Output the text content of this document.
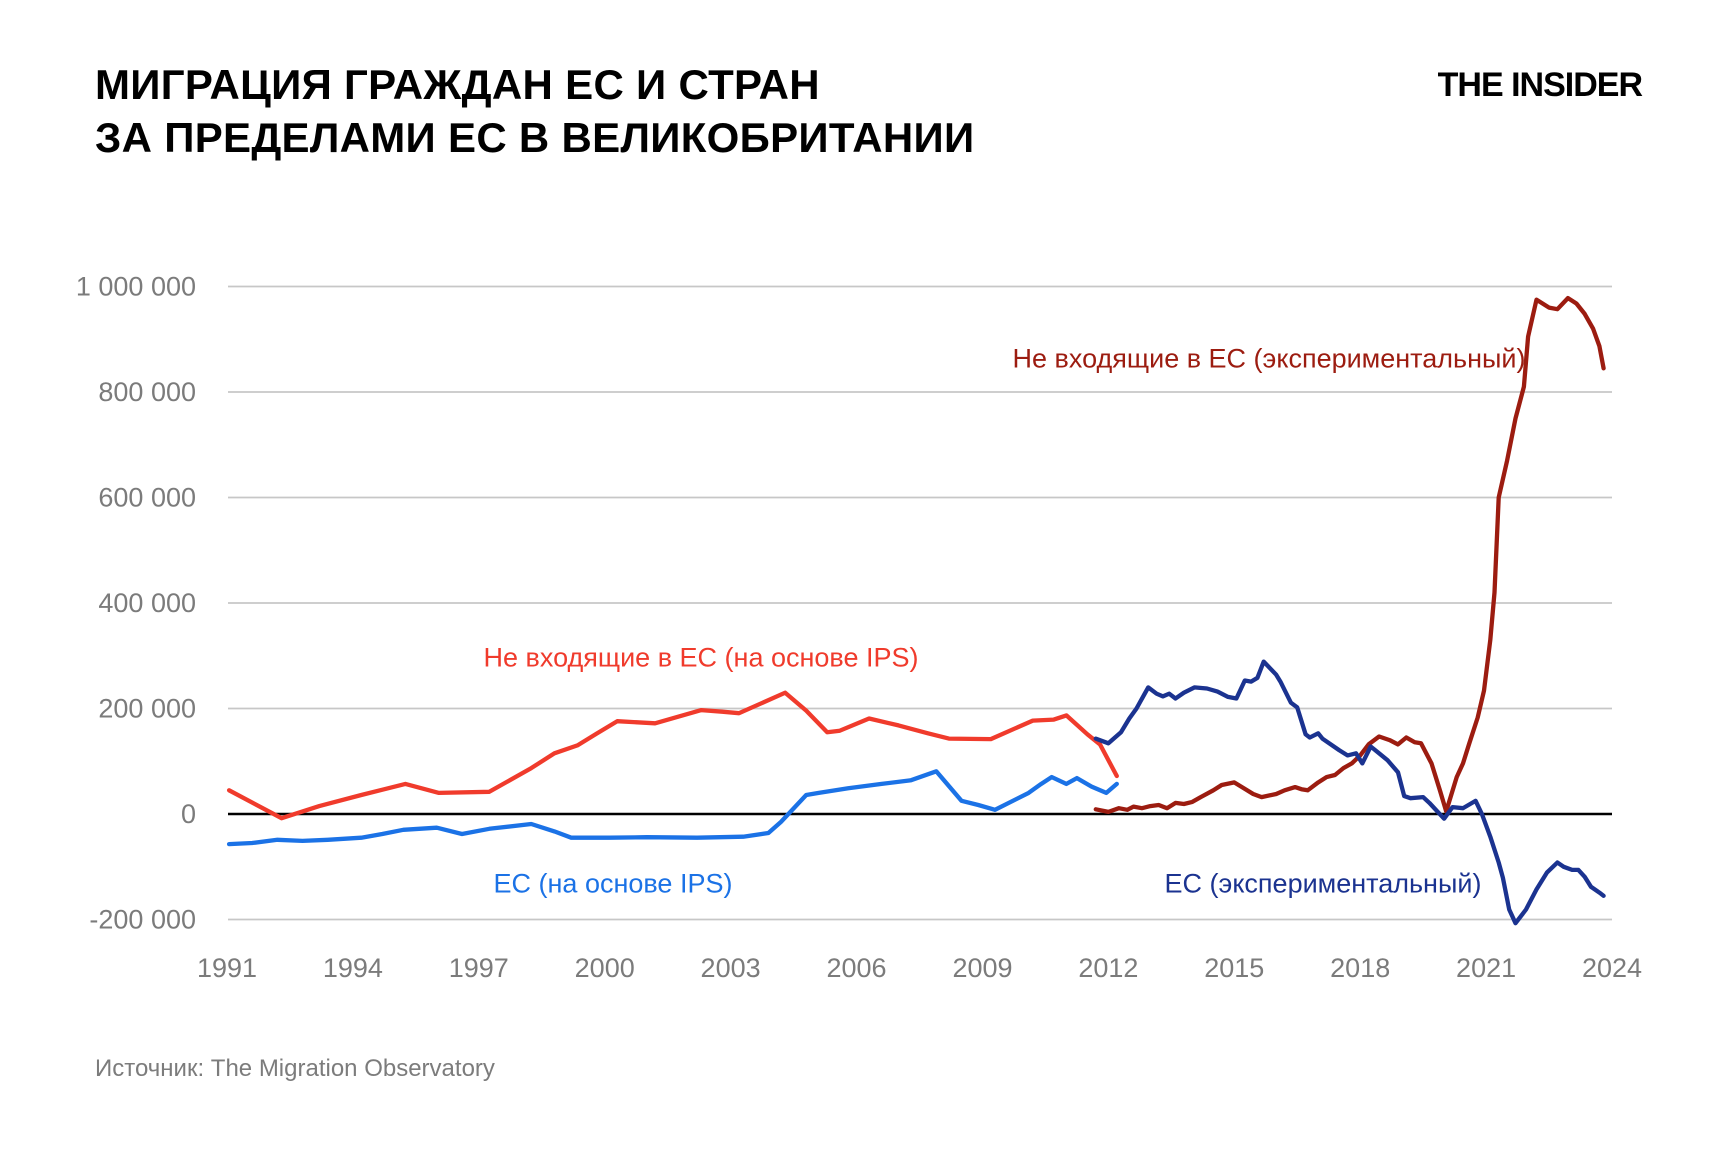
1 000 000
800 000
600 000
400 000
200 000
0
-200 000
1991 1994 1997 2000 2003 2006 2009 2012 2015 2018 2021 2024
МИГРАЦИЯ ГРАЖДАН ЕС И СТРАН
ЗА ПРЕДЕЛАМИ ЕС В ВЕЛИКОБРИТАНИИ
THE INSIDER
Не входящие в ЕС (на основе IPS)
ЕС (на основе IPS)
Не входящие в ЕС (экспериментальный)
ЕС (экспериментальный)
Источник: The Migration Observatory
